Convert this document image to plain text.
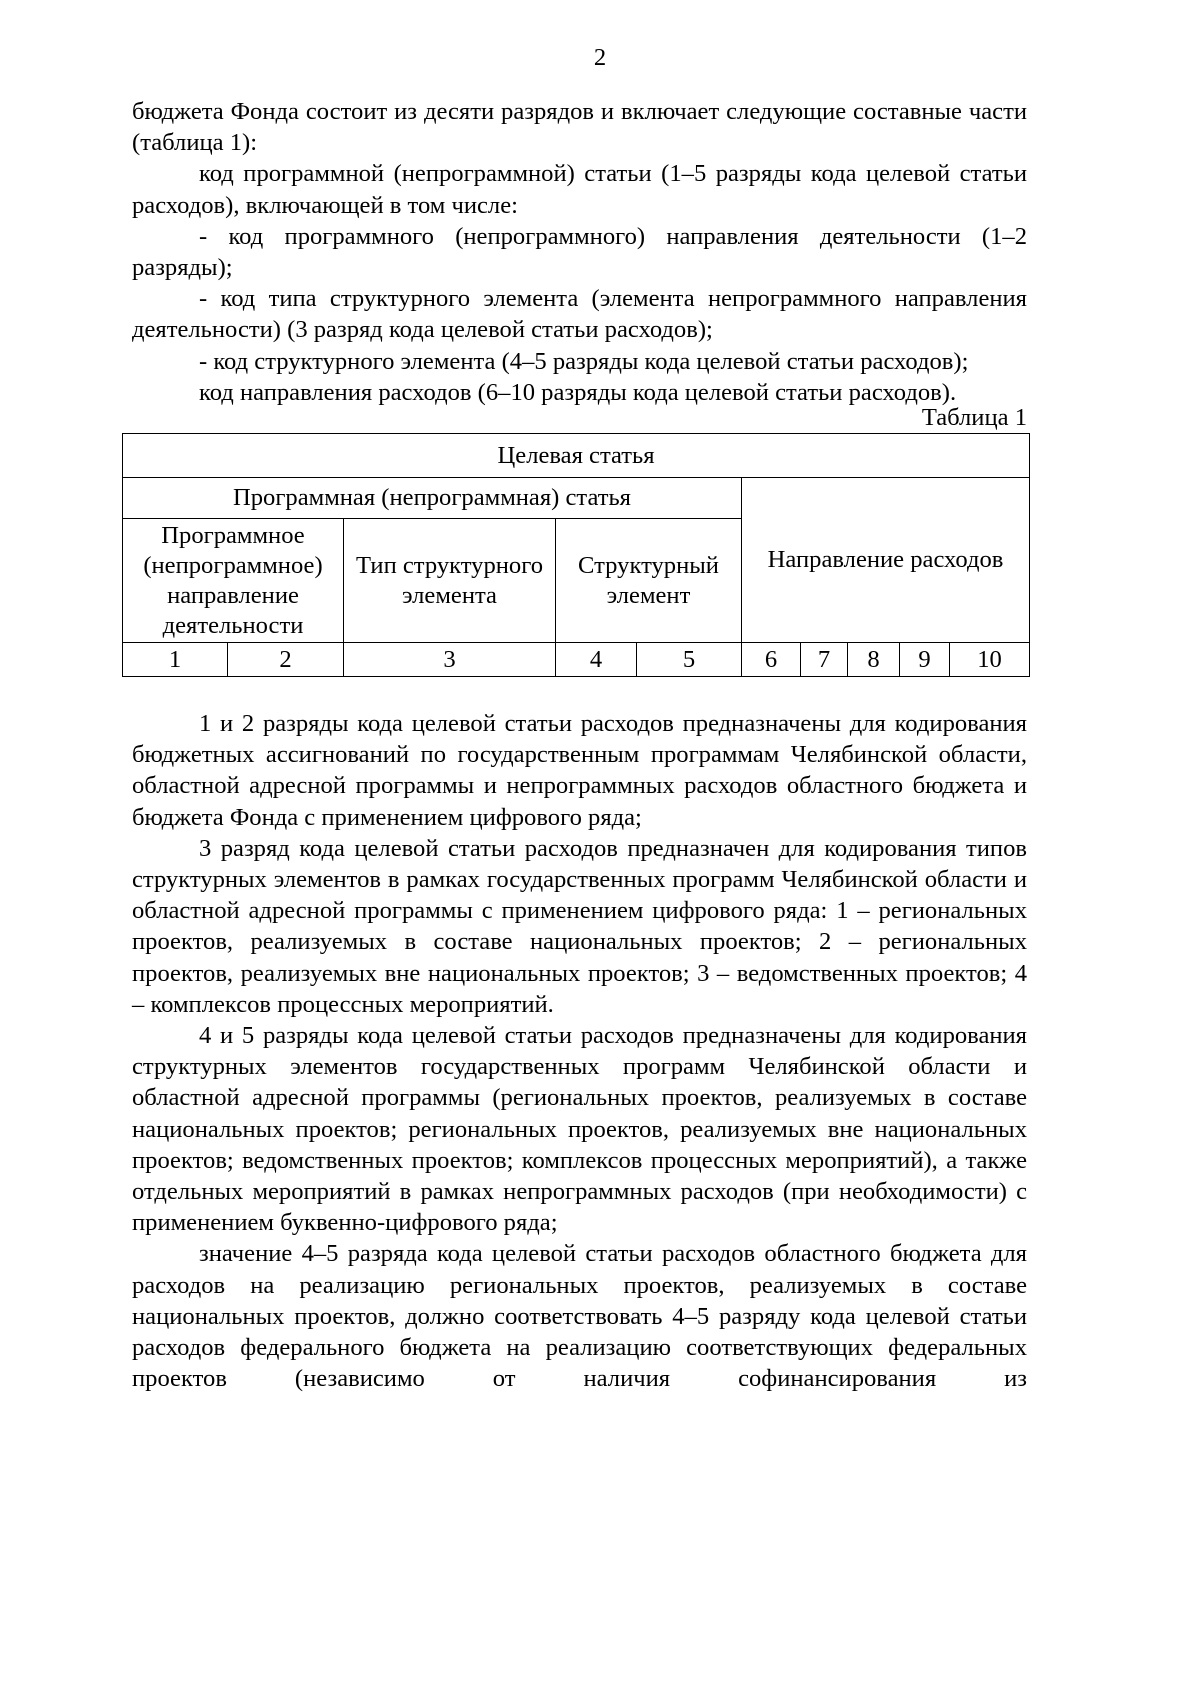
2

бюджета Фонда состоит из десяти разрядов и включает следующие составные части (таблица 1):

код программной (непрограммной) статьи (1–5 разряды кода целевой статьи расходов), включающей в том числе:

- код программного (непрограммного) направления деятельности (1–2 разряды);

- код типа структурного элемента (элемента непрограммного направления деятельности) (3 разряд кода целевой статьи расходов);

- код структурного элемента (4–5 разряды кода целевой статьи расходов);

код направления расходов (6–10 разряды кода целевой статьи расходов).

Таблица 1
Целевая статья									
Программная (непрограммная) статья					Направление расходов				
Программное (непрограммное) направление деятельности		Тип структурного элемента	Структурный элемент						
1	2	3	4	5	6	7	8	9	10

1 и 2 разряды кода целевой статьи расходов предназначены для кодирования бюджетных ассигнований по государственным программам Челябинской области, областной адресной программы и непрограммных расходов областного бюджета и бюджета Фонда с применением цифрового ряда;

3 разряд кода целевой статьи расходов предназначен для кодирования типов структурных элементов в рамках государственных программ Челябинской области и областной адресной программы с применением цифрового ряда: 1 – региональных проектов, реализуемых в составе национальных проектов; 2 – региональных проектов, реализуемых вне национальных проектов; 3 – ведомственных проектов; 4 – комплексов процессных мероприятий.

4 и 5 разряды кода целевой статьи расходов предназначены для кодирования структурных элементов государственных программ Челябинской области и областной адресной программы (региональных проектов, реализуемых в составе национальных проектов; региональных проектов, реализуемых вне национальных проектов; ведомственных проектов; комплексов процессных мероприятий), а также отдельных мероприятий в рамках непрограммных расходов (при необходимости) с применением буквенно-цифрового ряда;

значение 4–5 разряда кода целевой статьи расходов областного бюджета для расходов на реализацию региональных проектов, реализуемых в составе национальных проектов, должно соответствовать 4–5 разряду кода целевой статьи расходов федерального бюджета на реализацию соответствующих федеральных проектов (независимо от наличия софинансирования из
